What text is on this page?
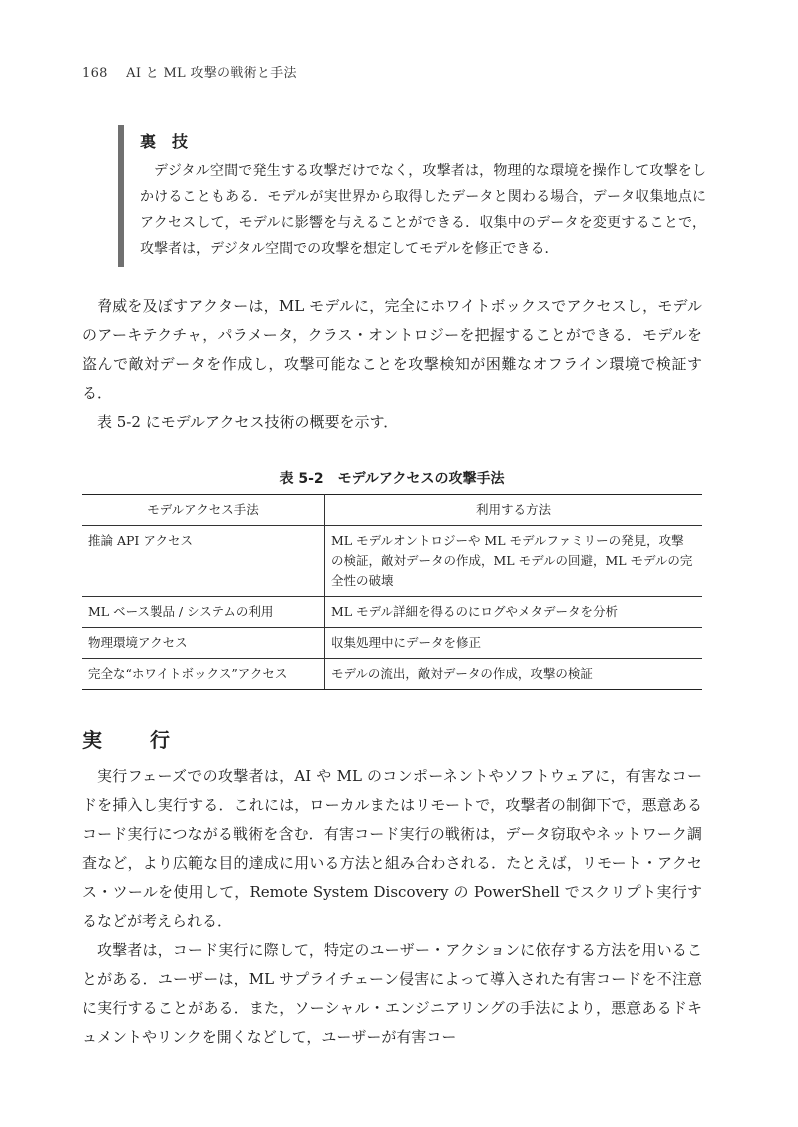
168 AI と ML 攻撃の戦術と手法
裏技
デジタル空間で発生する攻撃だけでなく，攻撃者は，物理的な環境を操作して攻撃をしかけることもある．モデルが実世界から取得したデータと関わる場合，データ収集地点にアクセスして，モデルに影響を与えることができる．収集中のデータを変更することで，攻撃者は，デジタル空間での攻撃を想定してモデルを修正できる．
脅威を及ぼすアクターは，ML モデルに，完全にホワイトボックスでアクセスし，モデルのアーキテクチャ，パラメータ，クラス・オントロジーを把握することができる．モデルを盗んで敵対データを作成し，攻撃可能なことを攻撃検知が困難なオフライン環境で検証する．
表 5-2 にモデルアクセス技術の概要を示す．
表 5-2　モデルアクセスの攻撃手法
モデルアクセス手法	利用する方法
推論 API アクセス	ML モデルオントロジーや ML モデルファミリーの発見，攻撃の検証，敵対データの作成，ML モデルの回避，ML モデルの完全性の破壊
ML ベース製品 / システムの利用	ML モデル詳細を得るのにログやメタデータを分析
物理環境アクセス	収集処理中にデータを修正
完全な“ホワイトボックス”アクセス	モデルの流出，敵対データの作成，攻撃の検証
実行
実行フェーズでの攻撃者は，AI や ML のコンポーネントやソフトウェアに，有害なコードを挿入し実行する．これには，ローカルまたはリモートで，攻撃者の制御下で，悪意あるコード実行につながる戦術を含む．有害コード実行の戦術は，データ窃取やネットワーク調査など，より広範な目的達成に用いる方法と組み合わされる．たとえば，リモート・アクセス・ツールを使用して，Remote System Discovery の PowerShell でスクリプト実行するなどが考えられる．
攻撃者は，コード実行に際して，特定のユーザー・アクションに依存する方法を用いることがある．ユーザーは，ML サプライチェーン侵害によって導入された有害コードを不注意に実行することがある．また，ソーシャル・エンジニアリングの手法により，悪意あるドキュメントやリンクを開くなどして，ユーザーが有害コー
